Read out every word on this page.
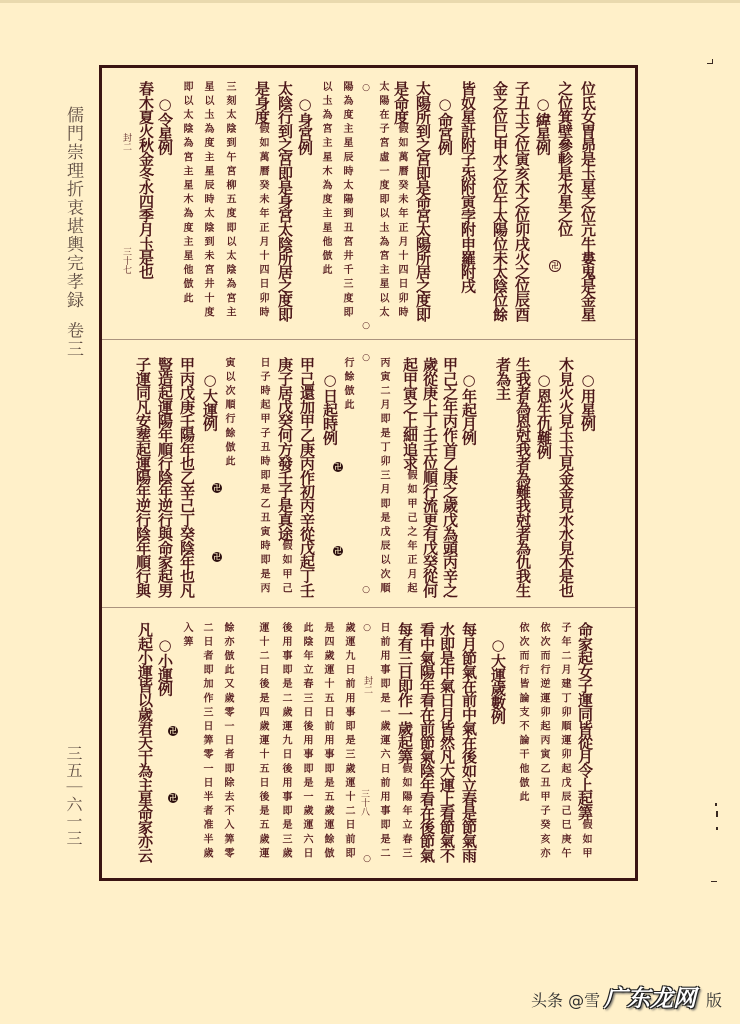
儒門崇理折衷堪輿完孝録卷三
三五｜六一三
位氐女胃昴是圡星之位亢牛婁鬼是金星
之位箕壁參軫是水星之位
○緯星例
子丑圡之位寅亥木之位卯戌火之位辰酉
金之位巳申水之位午太陽位未太陰位餘
皆奴星計附子炁附寅孛附申羅附戌
○命宮例
太陽所到之宮即是命宮太陽所居之度即
是命度假如萬曆癸未年正月十四日卯時
太陽在子宮虛一度即以圡為宮主星以太
○
○
陽為度主星辰時太陽到丑宮井千三度即
以圡為宮主星木為度主星他倣此
○身宮例
太陰行到之宮即是身宮太陰所居之度即
是身度假如萬曆癸未年正月十四日卯時
三刻太陰到午宮柳五度即以太陰為宮主
星以圡為度主星辰時太陰到未宮井十度
即以太陰為宮主星木為度主星他倣此
○令星例
春木夏火秋金冬水四季月圡是也
封二
三十七	卍
○用星例
木見火火見圡圡見金金見水水見木是也
○恩生仇難例
生我者為恩尅我者為難我尅者為仇我生
者為主
○年起月例
甲己之年丙作首乙庚之歲戊為頭丙辛之
歲從庚上丁壬壬位順行流更有戊癸從何
起甲寅之上細追求假如甲己之年正月起
丙寅二月即是丁卯三月即是戊辰以次順
○
○
行餘倣此
○日起時例
甲己還加甲乙庚丙作初丙辛從戊起丁壬
庚子居戊癸何方發壬子是真途假如甲己
日子時起甲子丑時即是乙丑寅時即是丙
寅以次順行餘倣此
○大運例
甲丙戊庚壬陽年也乙辛己丁癸陰年也凡
豎造起運陽年順行陰年逆行與命家起男
子運同凡安塟起運陽年逆行陰年順行與	卍
卍
卍
卍
命家起女子運同皆從月令上起筭假如甲
子年二月建丁卯順運卯起戊辰己巳庚午
依次而行逆運卯起丙寅乙丑甲子癸亥亦
依次而行皆論支不論干他倣此
○大運歲數例
每月節氣在前中氣在後如立春是節氣雨
水即是中氣日月皆然凡大運上看節氣不
看中氣陽年看在前節氣陰年看在後節氣
每有三日即作一歲起筭假如陽年立春三
日前用事即是一歲運六日前用事即是二
○
封二
三十八
○
歲運九日前用事即是三歲運十二日前即
是四歲運十五日前用事即是五歲運餘倣
此陰年立春三日後用事即是一歲運六日
後用事即是二歲運九日後用事即是三歲
運十二日後是四歲運十五日後是五歲運
餘亦倣此又歲零一日者即除去不入筭零
二日者即加作三日筭零一日半者准半歲
入筭
○小運例
凡起小運皆以歲君天干為主星命家亦云 卍
卍
头条 @雪 广东龙网 版
